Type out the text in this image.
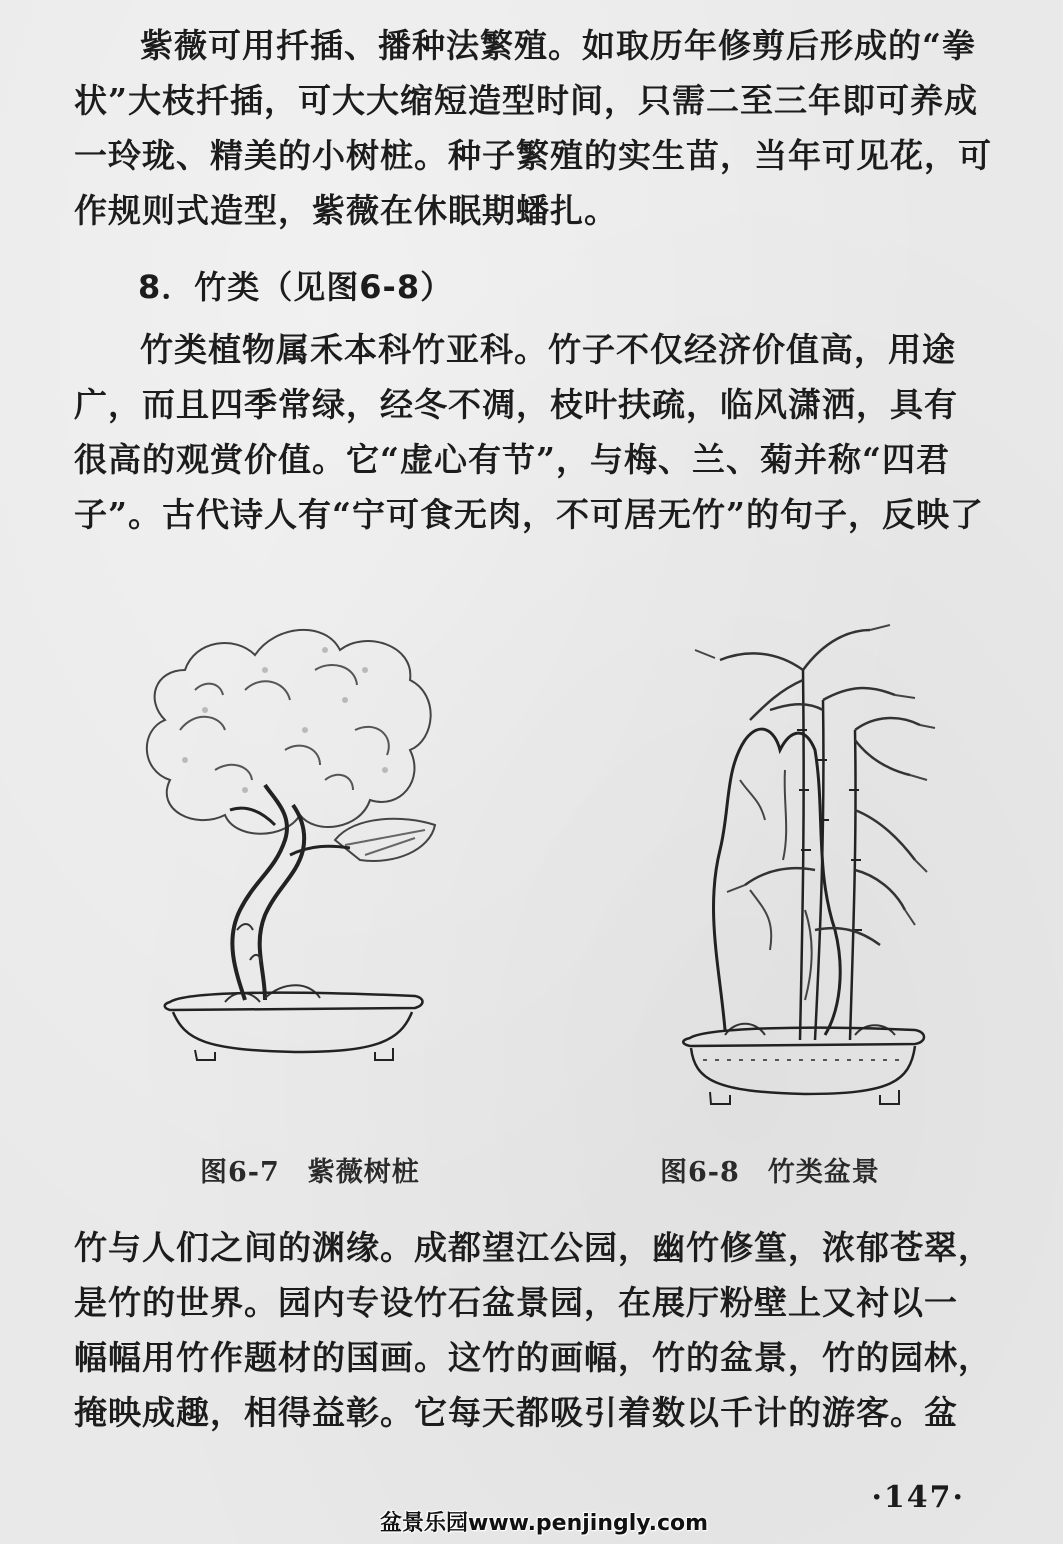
紫薇可用扦插、播种法繁殖。如取历年修剪后形成的“拳
状”大枝扦插，可大大缩短造型时间，只需二至三年即可养成
一玲珑、精美的小树桩。种子繁殖的实生苗，当年可见花，可
作规则式造型，紫薇在休眠期蟠扎。
8．竹类（见图6-8）
竹类植物属禾本科竹亚科。竹子不仅经济价值高，用途
广，而且四季常绿，经冬不凋，枝叶扶疏，临风潇洒，具有
很高的观赏价值。它“虚心有节”，与梅、兰、菊并称“四君
子”。古代诗人有“宁可食无肉，不可居无竹”的句子，反映了
图6-7　紫薇树桩	图6-8　竹类盆景
竹与人们之间的渊缘。成都望江公园，幽竹修篁，浓郁苍翠，
是竹的世界。园内专设竹石盆景园，在展厅粉壁上又衬以一
幅幅用竹作题材的国画。这竹的画幅，竹的盆景，竹的园林，
掩映成趣，相得益彰。它每天都吸引着数以千计的游客。盆
·147·
盆景乐园www.penjingly.com
